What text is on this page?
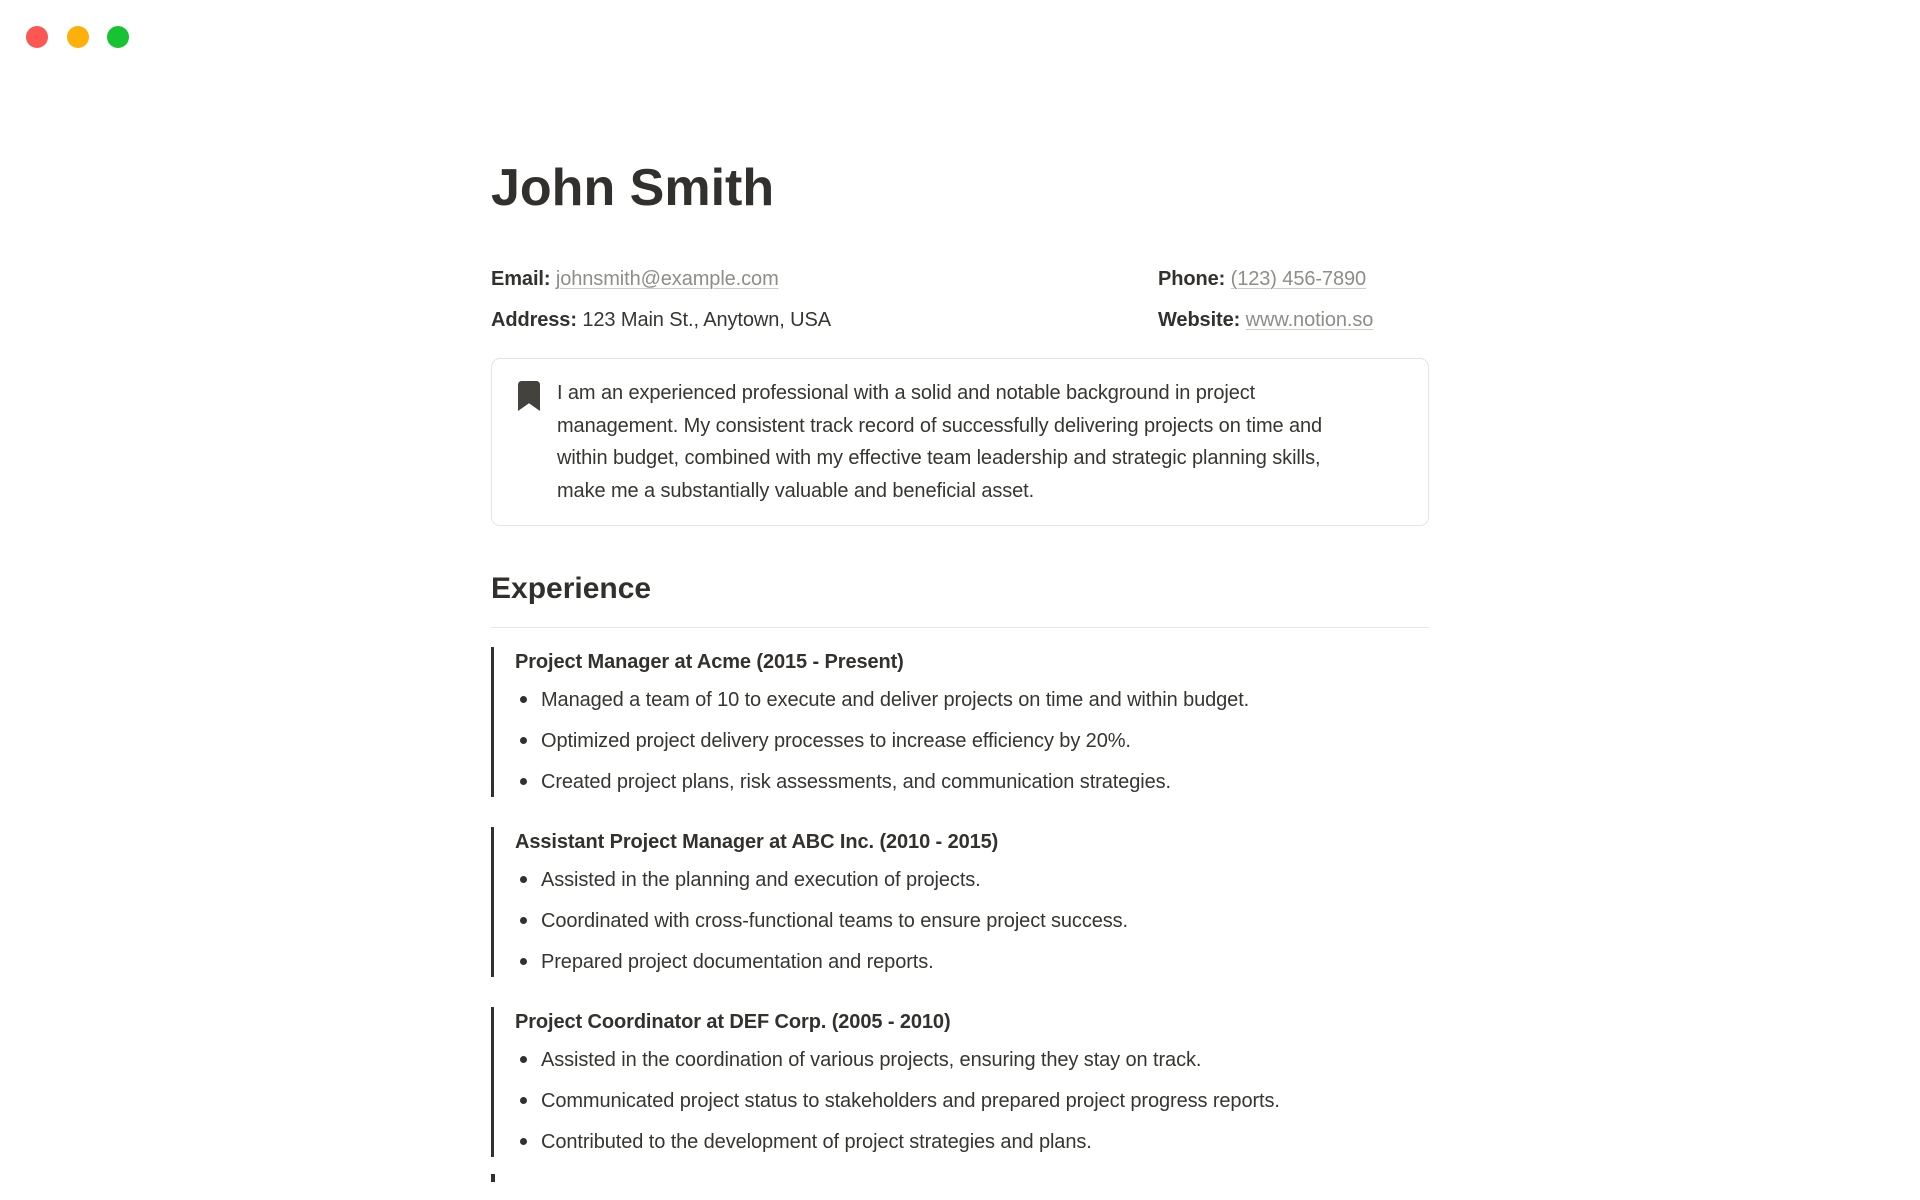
John Smith
Email: johnsmith@example.com	Phone: (123) 456-7890
Address: 123 Main St., Anytown, USA	Website: www.notion.so
I am an experienced professional with a solid and notable background in project
management. My consistent track record of successfully delivering projects on time and
within budget, combined with my effective team leadership and strategic planning skills,
make me a substantially valuable and beneficial asset.
Experience
Project Manager at Acme (2015 - Present)
Managed a team of 10 to execute and deliver projects on time and within budget.
Optimized project delivery processes to increase efficiency by 20%.
Created project plans, risk assessments, and communication strategies.
Assistant Project Manager at ABC Inc. (2010 - 2015)
Assisted in the planning and execution of projects.
Coordinated with cross-functional teams to ensure project success.
Prepared project documentation and reports.
Project Coordinator at DEF Corp. (2005 - 2010)
Assisted in the coordination of various projects, ensuring they stay on track.
Communicated project status to stakeholders and prepared project progress reports.
Contributed to the development of project strategies and plans.
